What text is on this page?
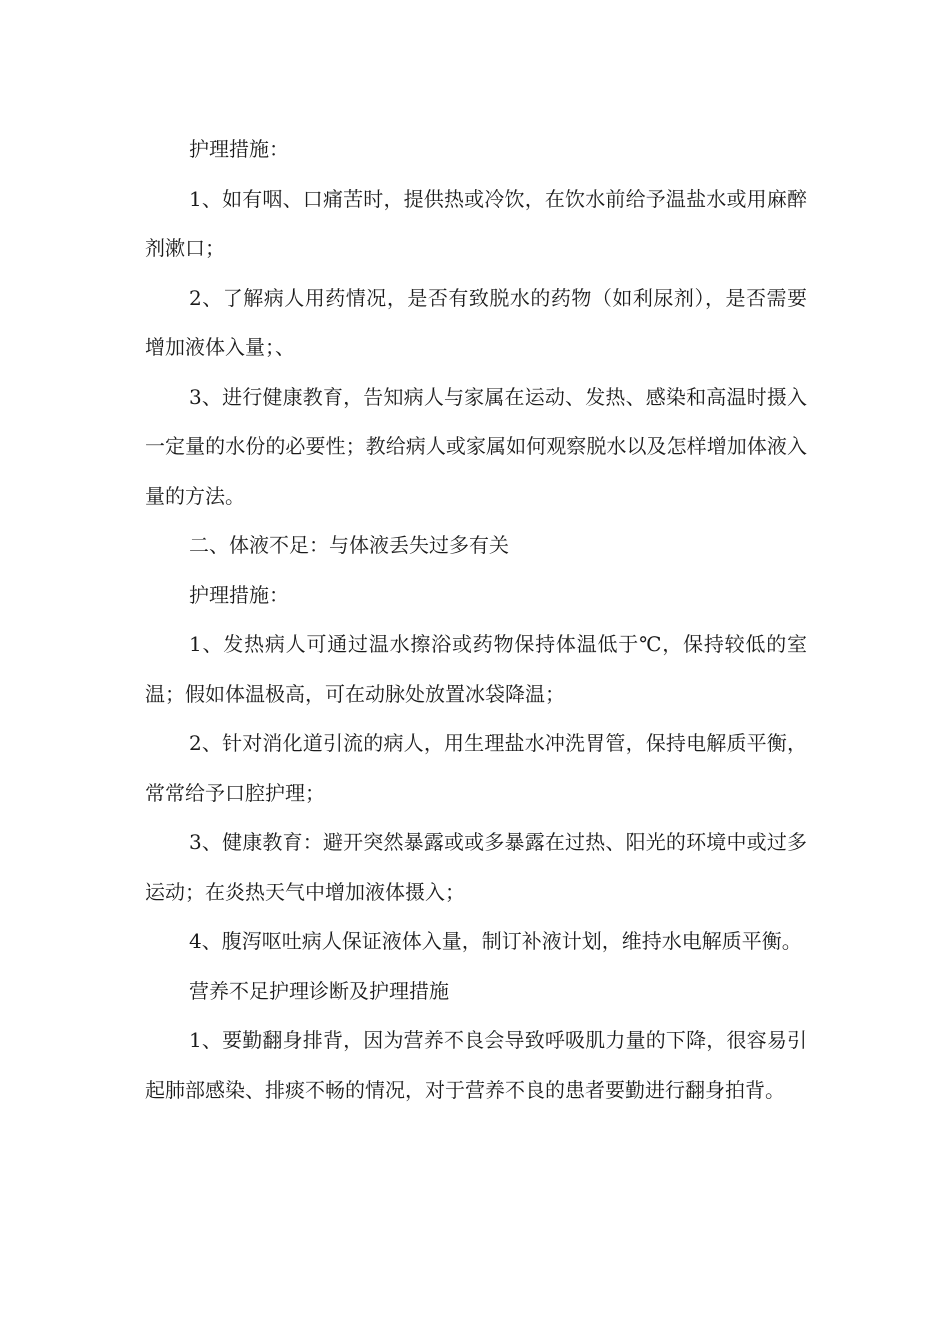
护理措施：

1、如有咽、口痛苦时，提供热或冷饮，在饮水前给予温盐水或用麻醉剂漱口；

2、了解病人用药情况，是否有致脱水的药物（如利尿剂），是否需要增加液体入量；、

3、进行健康教育，告知病人与家属在运动、发热、感染和高温时摄入一定量的水份的必要性；教给病人或家属如何观察脱水以及怎样增加体液入量的方法。

二、体液不足：与体液丢失过多有关

护理措施：

1、发热病人可通过温水擦浴或药物保持体温低于℃，保持较低的室温；假如体温极高，可在动脉处放置冰袋降温；

2、针对消化道引流的病人，用生理盐水冲洗胃管，保持电解质平衡，常常给予口腔护理；

3、健康教育：避开突然暴露或或多暴露在过热、阳光的环境中或过多运动；在炎热天气中增加液体摄入；

4、腹泻呕吐病人保证液体入量，制订补液计划，维持水电解质平衡。

营养不足护理诊断及护理措施

1、要勤翻身排背，因为营养不良会导致呼吸肌力量的下降，很容易引起肺部感染、排痰不畅的情况，对于营养不良的患者要勤进行翻身拍背。
